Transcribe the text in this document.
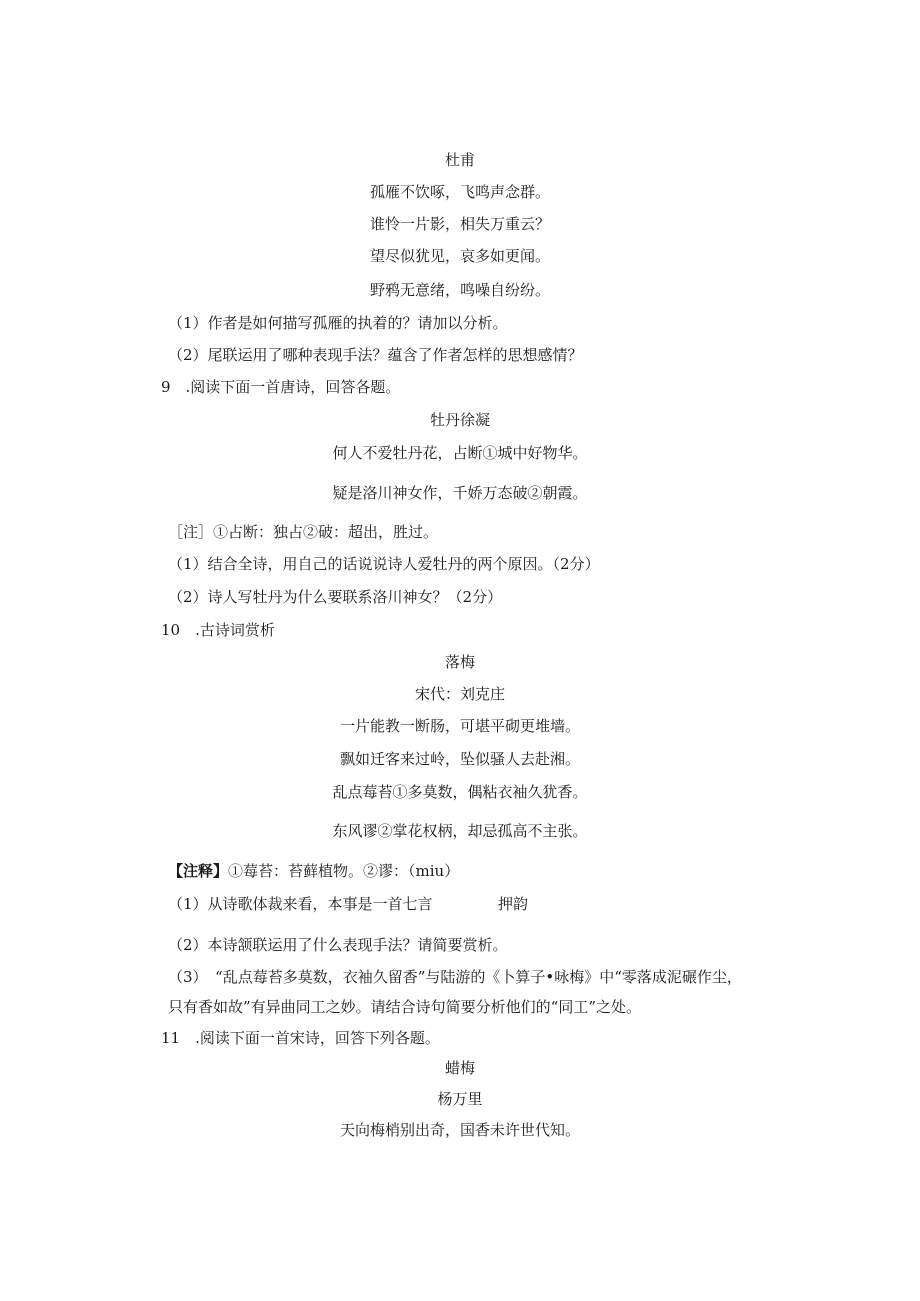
杜甫
孤雁不饮啄，飞鸣声念群。
谁怜一片影，相失万重云？
望尽似犹见，哀多如更闻。
野鸦无意绪，鸣噪自纷纷。
（1）作者是如何描写孤雁的执着的？请加以分析。
（2）尾联运用了哪种表现手法？蕴含了作者怎样的思想感情？
9　.阅读下面一首唐诗，回答各题。
牡丹徐凝
何人不爱牡丹花，占断①城中好物华。
疑是洛川神女作，千娇万态破②朝霞。
［注］①占断：独占②破：超出，胜过。
（1）结合全诗，用自己的话说说诗人爱牡丹的两个原因。（2分）
（2）诗人写牡丹为什么要联系洛川神女？（2分）
10　.古诗词赏析
落梅
宋代：刘克庄
一片能教一断肠，可堪平砌更堆墙。
飘如迁客来过岭，坠似骚人去赴湘。
乱点莓苔①多莫数，偶粘衣袖久犹香。
东风谬②掌花权柄，却忌孤高不主张。
【注释】①莓苔：苔藓植物。②谬：（miu）
（1）从诗歌体裁来看，本事是一首七言	押韵
（2）本诗颔联运用了什么表现手法？请简要赏析。
（3）　“乱点莓苔多莫数，衣袖久留香”与陆游的《卜算子•咏梅》中“零落成泥碾作尘，
只有香如故”有异曲同工之妙。请结合诗句简要分析他们的“同工”之处。
11　.阅读下面一首宋诗，回答下列各题。
蜡梅
杨万里
天向梅梢别出奇，国香未许世代知。
